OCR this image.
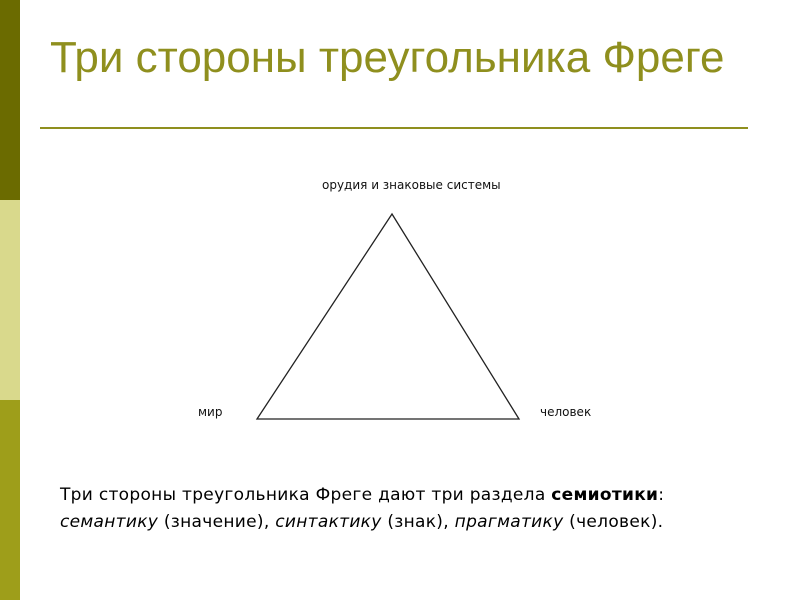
Три стороны треугольника Фреге
орудия и знаковые системы
мир	человек

Три стороны треугольника Фреге дают три раздела семиотики: семантику (значение), синтактику (знак), прагматику (человек).
